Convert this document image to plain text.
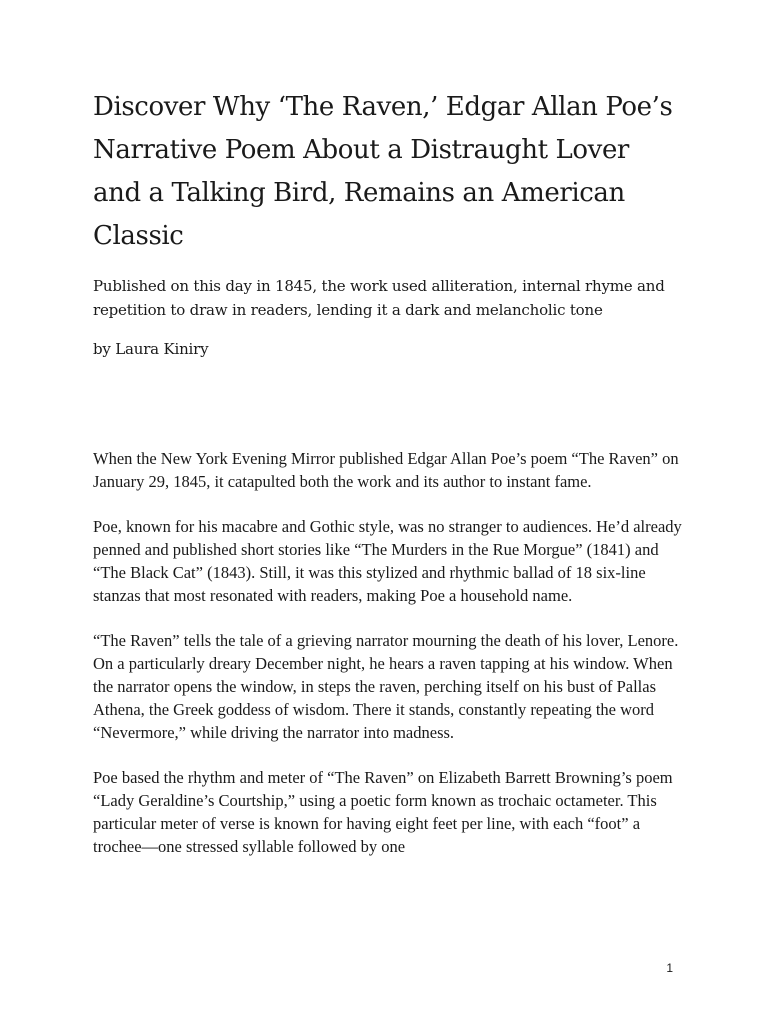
Discover Why ‘The Raven,’ Edgar Allan Poe’s Narrative Poem About a Distraught Lover and a Talking Bird, Remains an American Classic

Published on this day in 1845, the work used alliteration, internal rhyme and repetition to draw in readers, lending it a dark and melancholic tone

by Laura Kiniry

When the New York Evening Mirror published Edgar Allan Poe’s poem “The Raven” on January 29, 1845, it catapulted both the work and its author to instant fame.

Poe, known for his macabre and Gothic style, was no stranger to audiences. He’d already penned and published short stories like “The Murders in the Rue Morgue” (1841) and “The Black Cat” (1843). Still, it was this stylized and rhythmic ballad of 18 six-line stanzas that most resonated with readers, making Poe a household name.

“The Raven” tells the tale of a grieving narrator mourning the death of his lover, Lenore. On a particularly dreary December night, he hears a raven tapping at his window. When the narrator opens the window, in steps the raven, perching itself on his bust of Pallas Athena, the Greek goddess of wisdom. There it stands, constantly repeating the word “Nevermore,” while driving the narrator into madness.

Poe based the rhythm and meter of “The Raven” on Elizabeth Barrett Browning’s poem “Lady Geraldine’s Courtship,” using a poetic form known as trochaic octameter. This particular meter of verse is known for having eight feet per line, with each “foot” a trochee—one stressed syllable followed by one

1
